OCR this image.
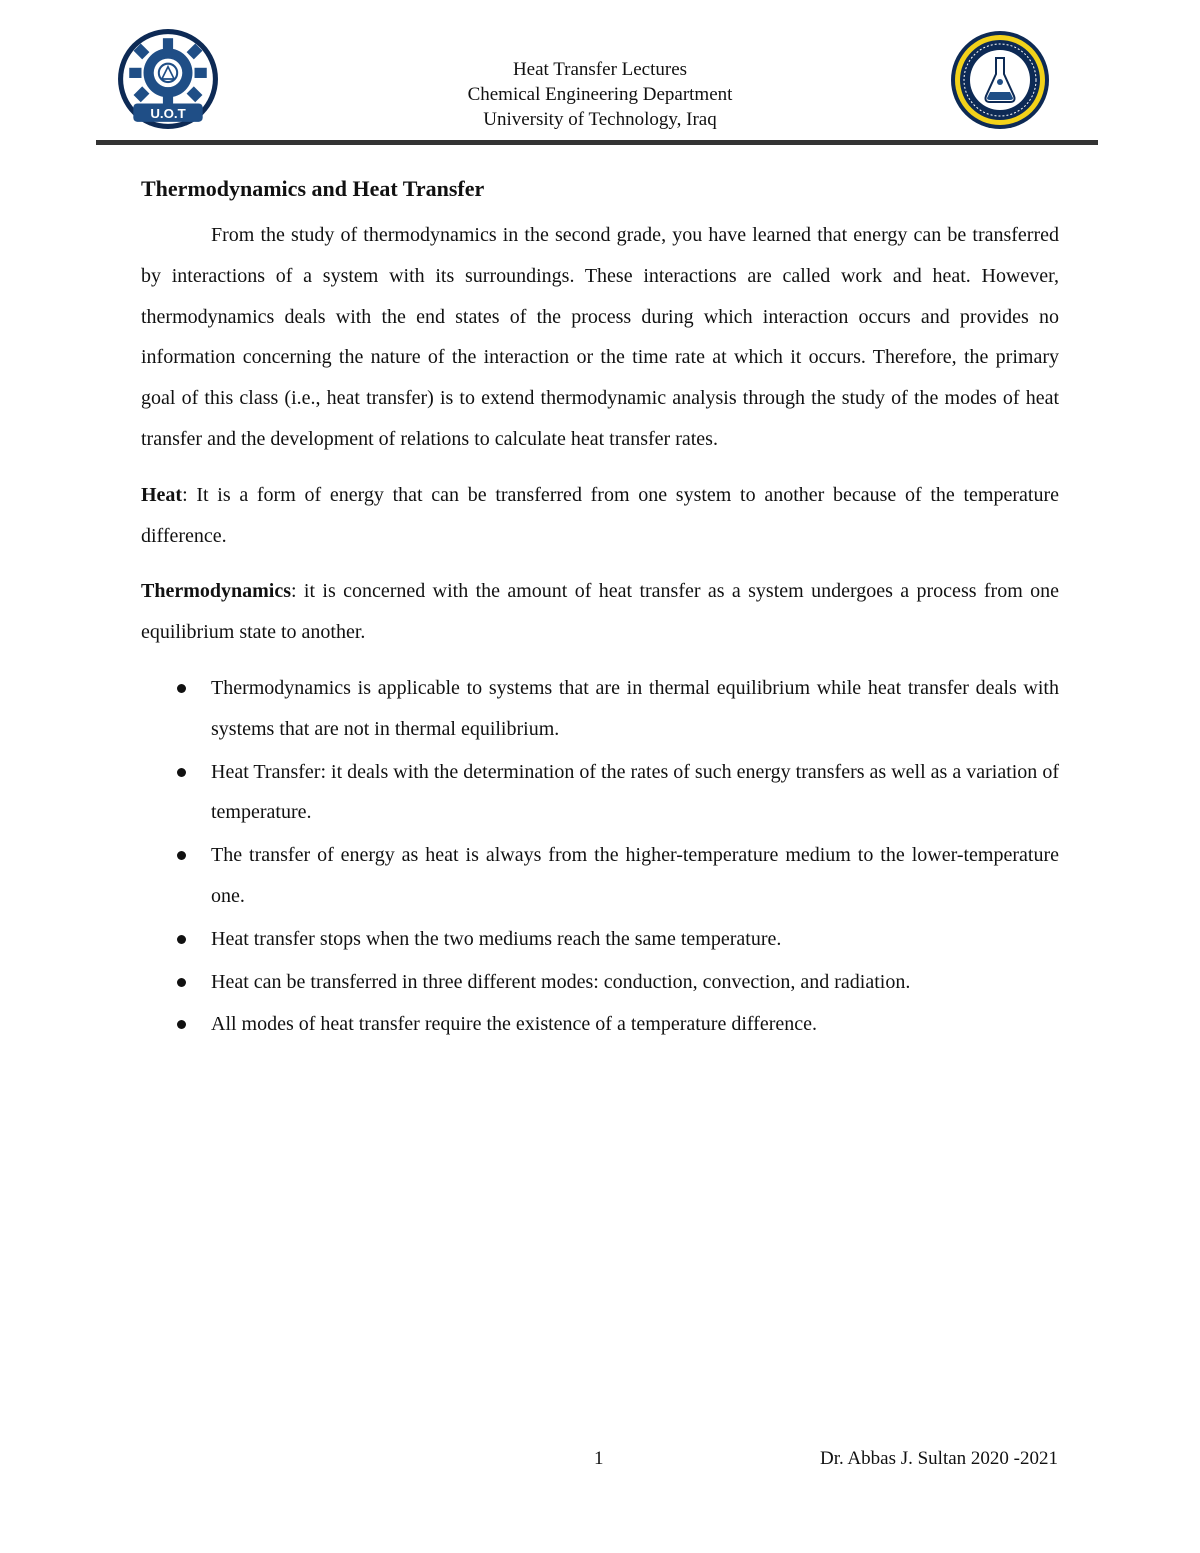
U.O.T
Heat Transfer Lectures
Chemical Engineering Department
University of Technology, Iraq
Thermodynamics and Heat Transfer

From the study of thermodynamics in the second grade, you have learned that energy can be transferred by interactions of a system with its surroundings. These interactions are called work and heat. However, thermodynamics deals with the end states of the process during which interaction occurs and provides no information concerning the nature of the interaction or the time rate at which it occurs. Therefore, the primary goal of this class (i.e., heat transfer) is to extend thermodynamic analysis through the study of the modes of heat transfer and the development of relations to calculate heat transfer rates.

Heat: It is a form of energy that can be transferred from one system to another because of the temperature difference.

Thermodynamics: it is concerned with the amount of heat transfer as a system undergoes a process from one equilibrium state to another.

Thermodynamics is applicable to systems that are in thermal equilibrium while heat transfer deals with systems that are not in thermal equilibrium.
Heat Transfer: it deals with the determination of the rates of such energy transfers as well as a variation of temperature.
The transfer of energy as heat is always from the higher-temperature medium to the lower-temperature one.
Heat transfer stops when the two mediums reach the same temperature.
Heat can be transferred in three different modes: conduction, convection, and radiation.
All modes of heat transfer require the existence of a temperature difference.
1	Dr. Abbas J. Sultan 2020 -2021
